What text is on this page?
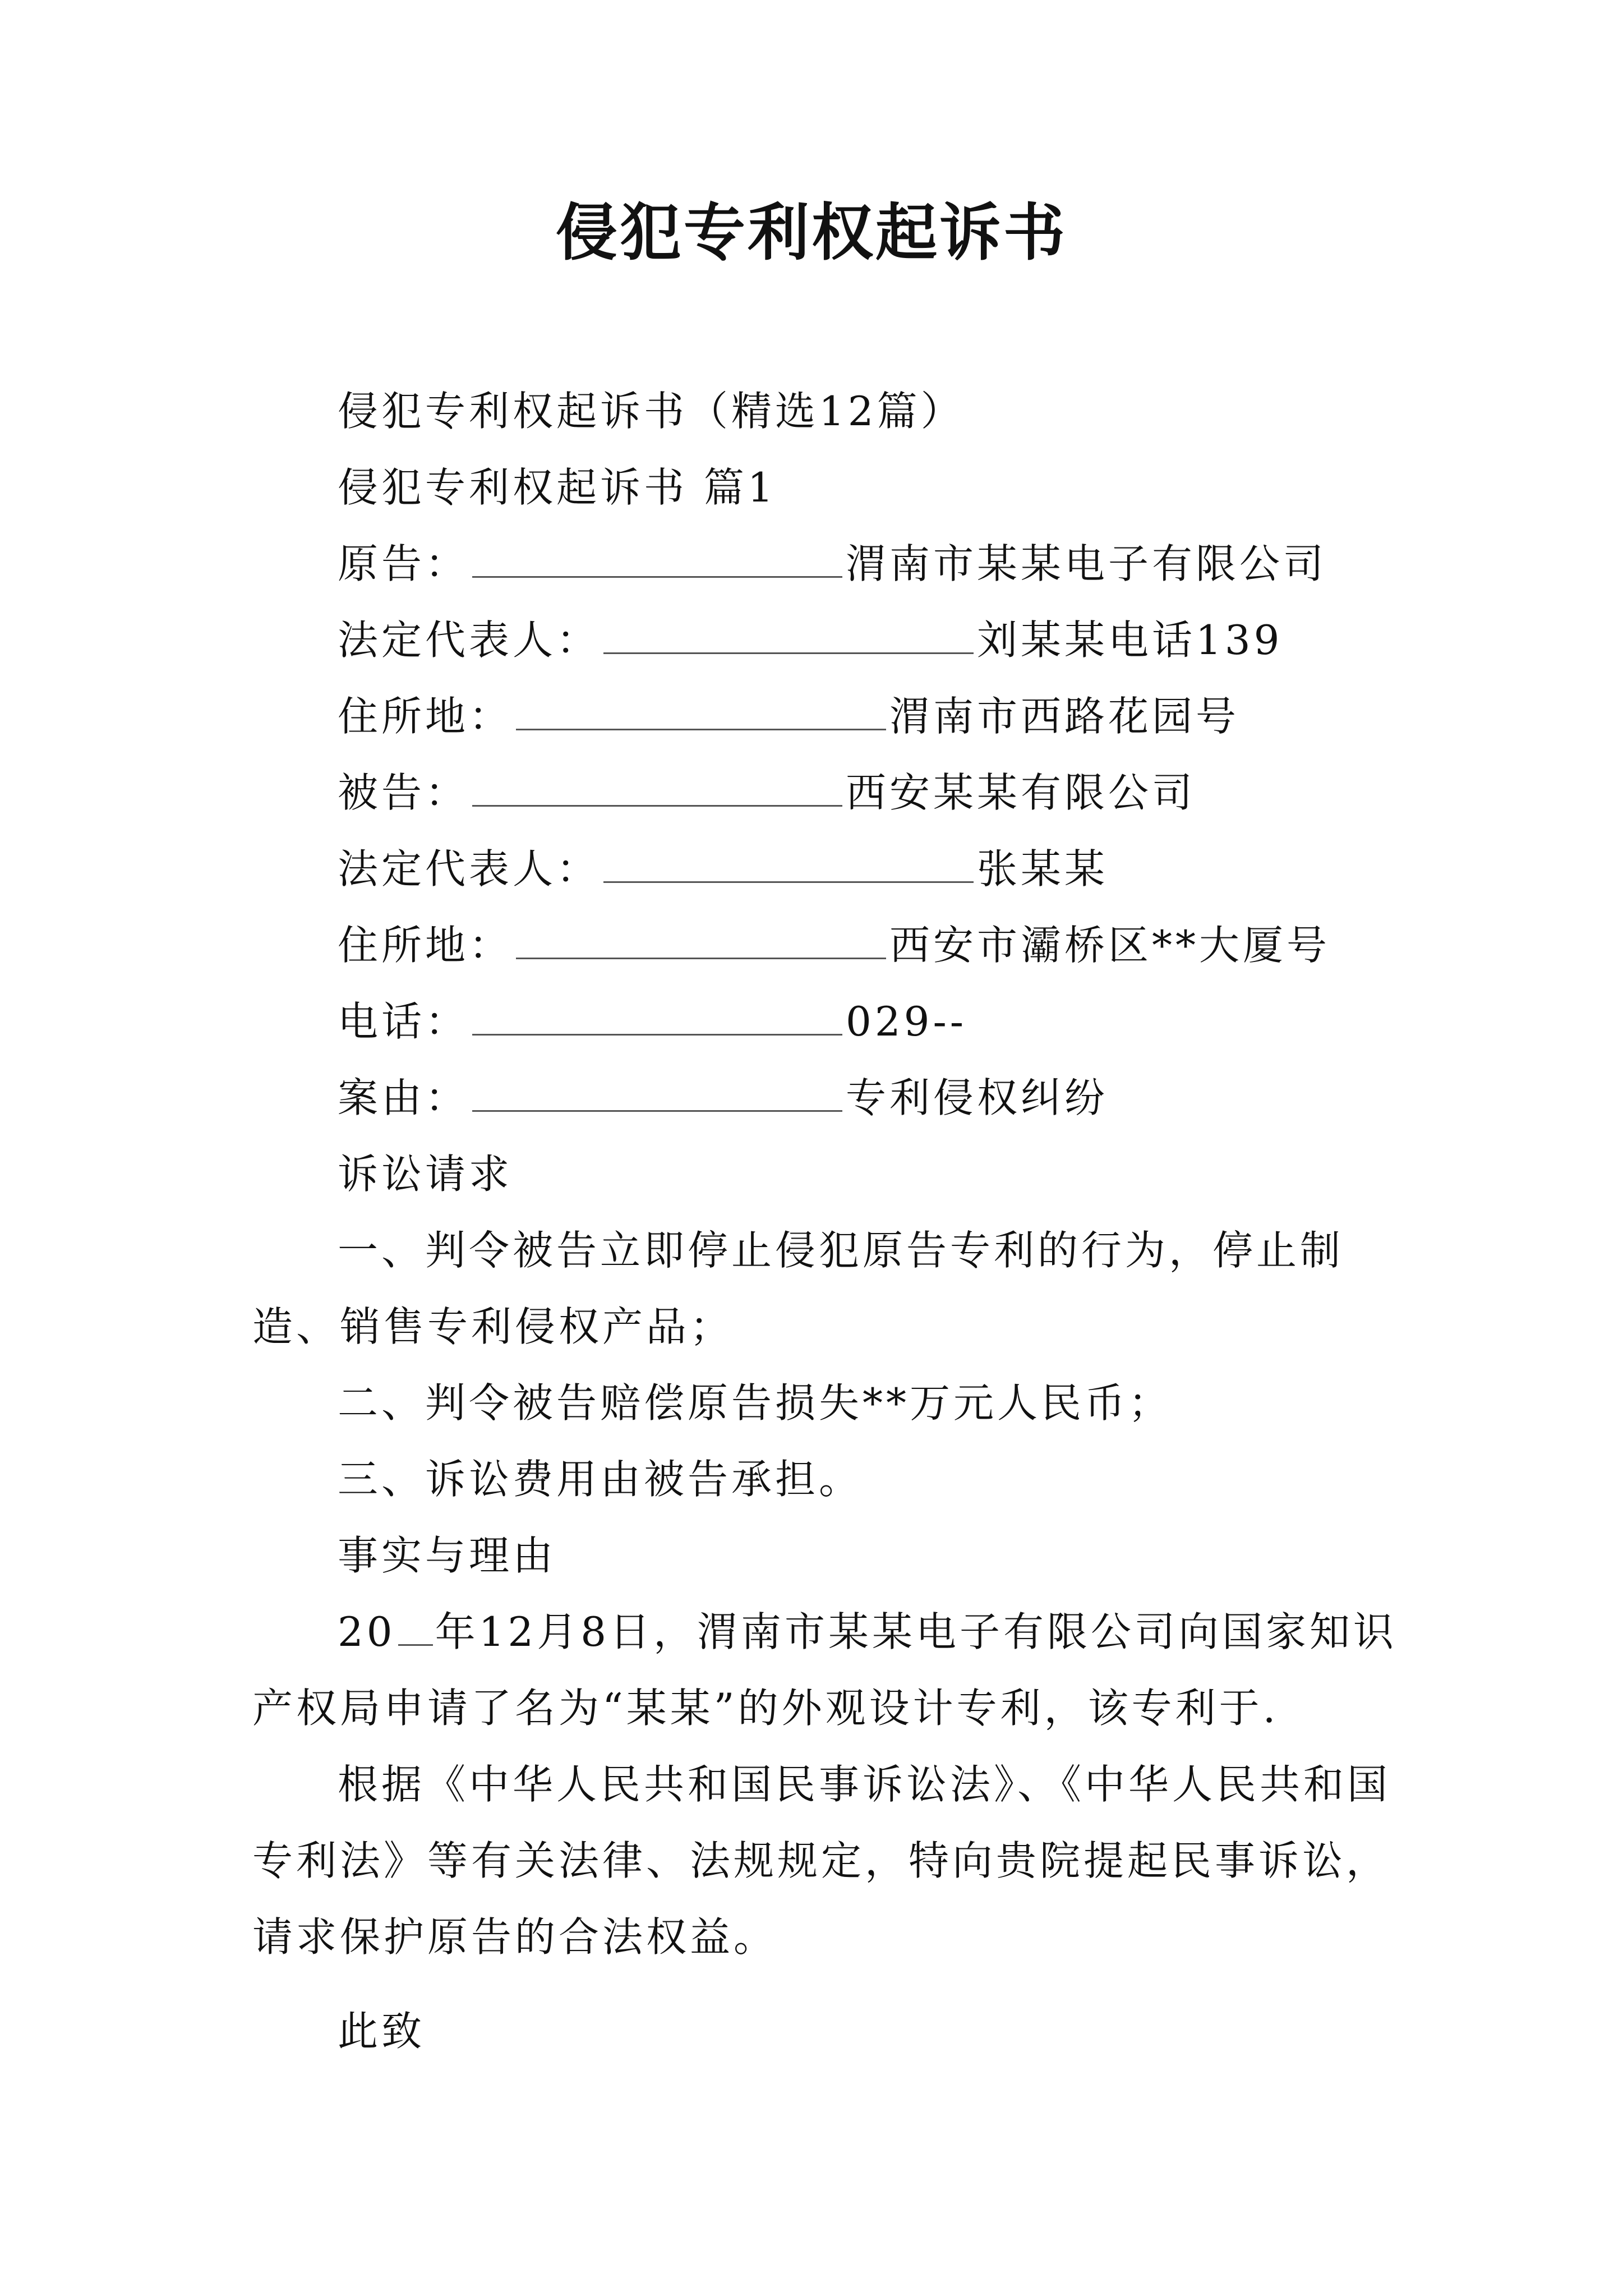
侵犯专利权起诉书
侵犯专利权起诉书（精选12篇）
侵犯专利权起诉书 篇1
原告：	渭南市某某电子有限公司
法定代表人：	刘某某电话139
住所地：	渭南市西路花园号
被告：	西安某某有限公司
法定代表人：	张某某
住所地：	西安市灞桥区**大厦号
电话：	029--
案由：	专利侵权纠纷
诉讼请求
一、判令被告立即停止侵犯原告专利的行为，停止制造、销售专利侵权产品；
二、判令被告赔偿原告损失**万元人民币；
三、诉讼费用由被告承担。
事实与理由
20 年12月8日，渭南市某某电子有限公司向国家知识产权局申请了名为“某某”的外观设计专利，该专利于.
根据《中华人民共和国民事诉讼法》、《中华人民共和国专利法》等有关法律、法规规定，特向贵院提起民事诉讼，请求保护原告的合法权益。
此致
